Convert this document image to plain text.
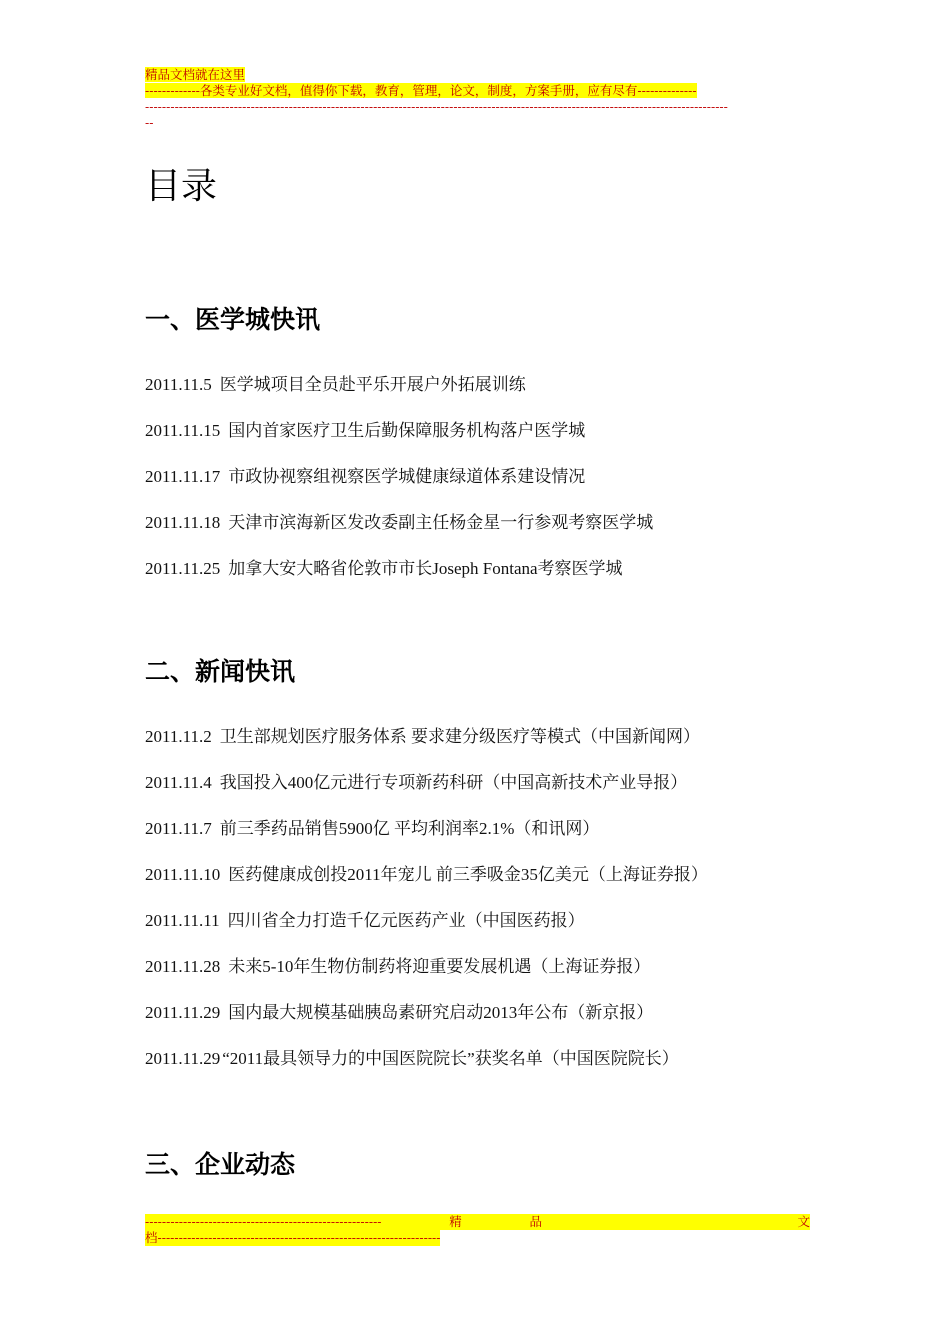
精品文档就在这里
-------------各类专业好文档，值得你下载，教育，管理，论文，制度，方案手册，应有尽有--------------
------------------------------------------------------------------------------------------------------------------------------------------
--
目录
一、医学城快讯
2011.11.5 医学城项目全员赴平乐开展户外拓展训练
2011.11.15 国内首家医疗卫生后勤保障服务机构落户医学城
2011.11.17 市政协视察组视察医学城健康绿道体系建设情况
2011.11.18 天津市滨海新区发改委副主任杨金星一行参观考察医学城
2011.11.25 加拿大安大略省伦敦市市长Joseph Fontana考察医学城
二、新闻快讯
2011.11.2 卫生部规划医疗服务体系 要求建分级医疗等模式（中国新闻网）
2011.11.4 我国投入400亿元进行专项新药科研（中国高新技术产业导报）
2011.11.7 前三季药品销售5900亿 平均利润率2.1%（和讯网）
2011.11.10 医药健康成创投2011年宠儿 前三季吸金35亿美元（上海证券报）
2011.11.11 四川省全力打造千亿元医药产业（中国医药报）
2011.11.28 未来5-10年生物仿制药将迎重要发展机遇（上海证券报）
2011.11.29 国内最大规模基础胰岛素研究启动2013年公布（新京报）
2011.11.29 “2011最具领导力的中国医院院长”获奖名单（中国医院院长）
三、企业动态
--------------------------------------------------------	精	品	文
档-------------------------------------------------------------------
